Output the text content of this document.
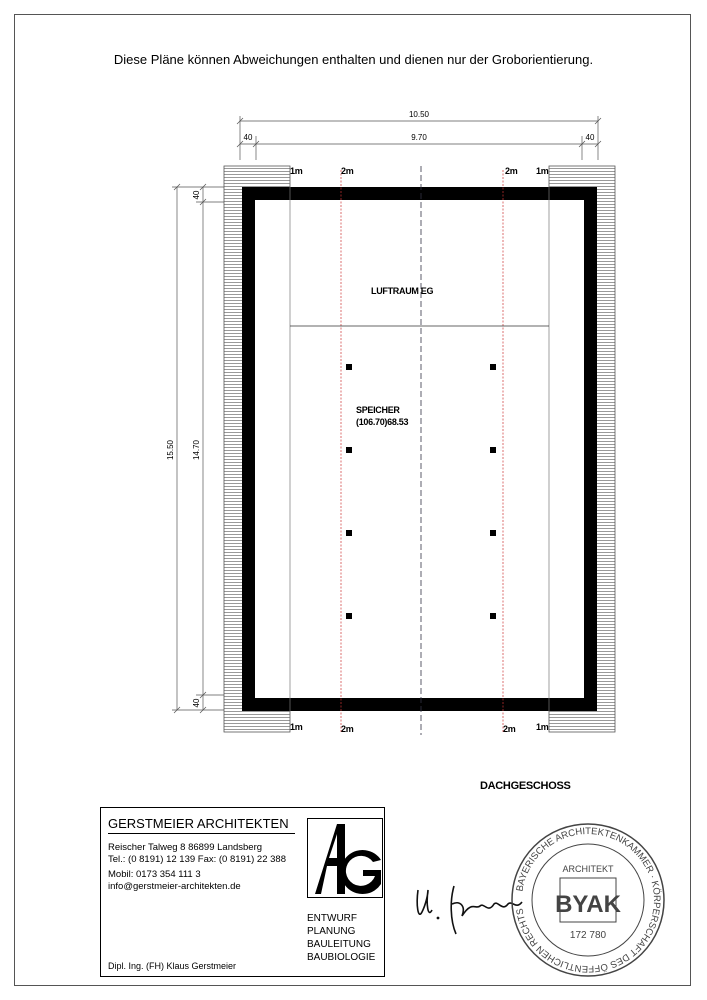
Diese Pläne können Abweichungen enthalten und dienen nur der Groborientierung.
10.50
9.70
40	40
15.50 14.70
40
40
1m	2m	2m 1m
1m	2m	2m 1m
LUFTRAUM EG
SPEICHER
(106.70)68.53
DACHGESCHOSS
GERSTMEIER ARCHITEKTEN
Reischer Talweg 8 86899 Landsberg
Tel.: (0 8191) 12 139 Fax: (0 8191) 22 388
Mobil: 0173 354 111 3
info@gerstmeier-architekten.de
ENTWURF
PLANUNG
BAULEITUNG
BAUBIOLOGIE
Dipl. Ing. (FH) Klaus Gerstmeier
BAYERISCHE ARCHITEKTENKAMMER · KÖRPERSCHAFT DES ÖFFENTLICHEN RECHTS
ARCHITEKT
BYAK
172 780
